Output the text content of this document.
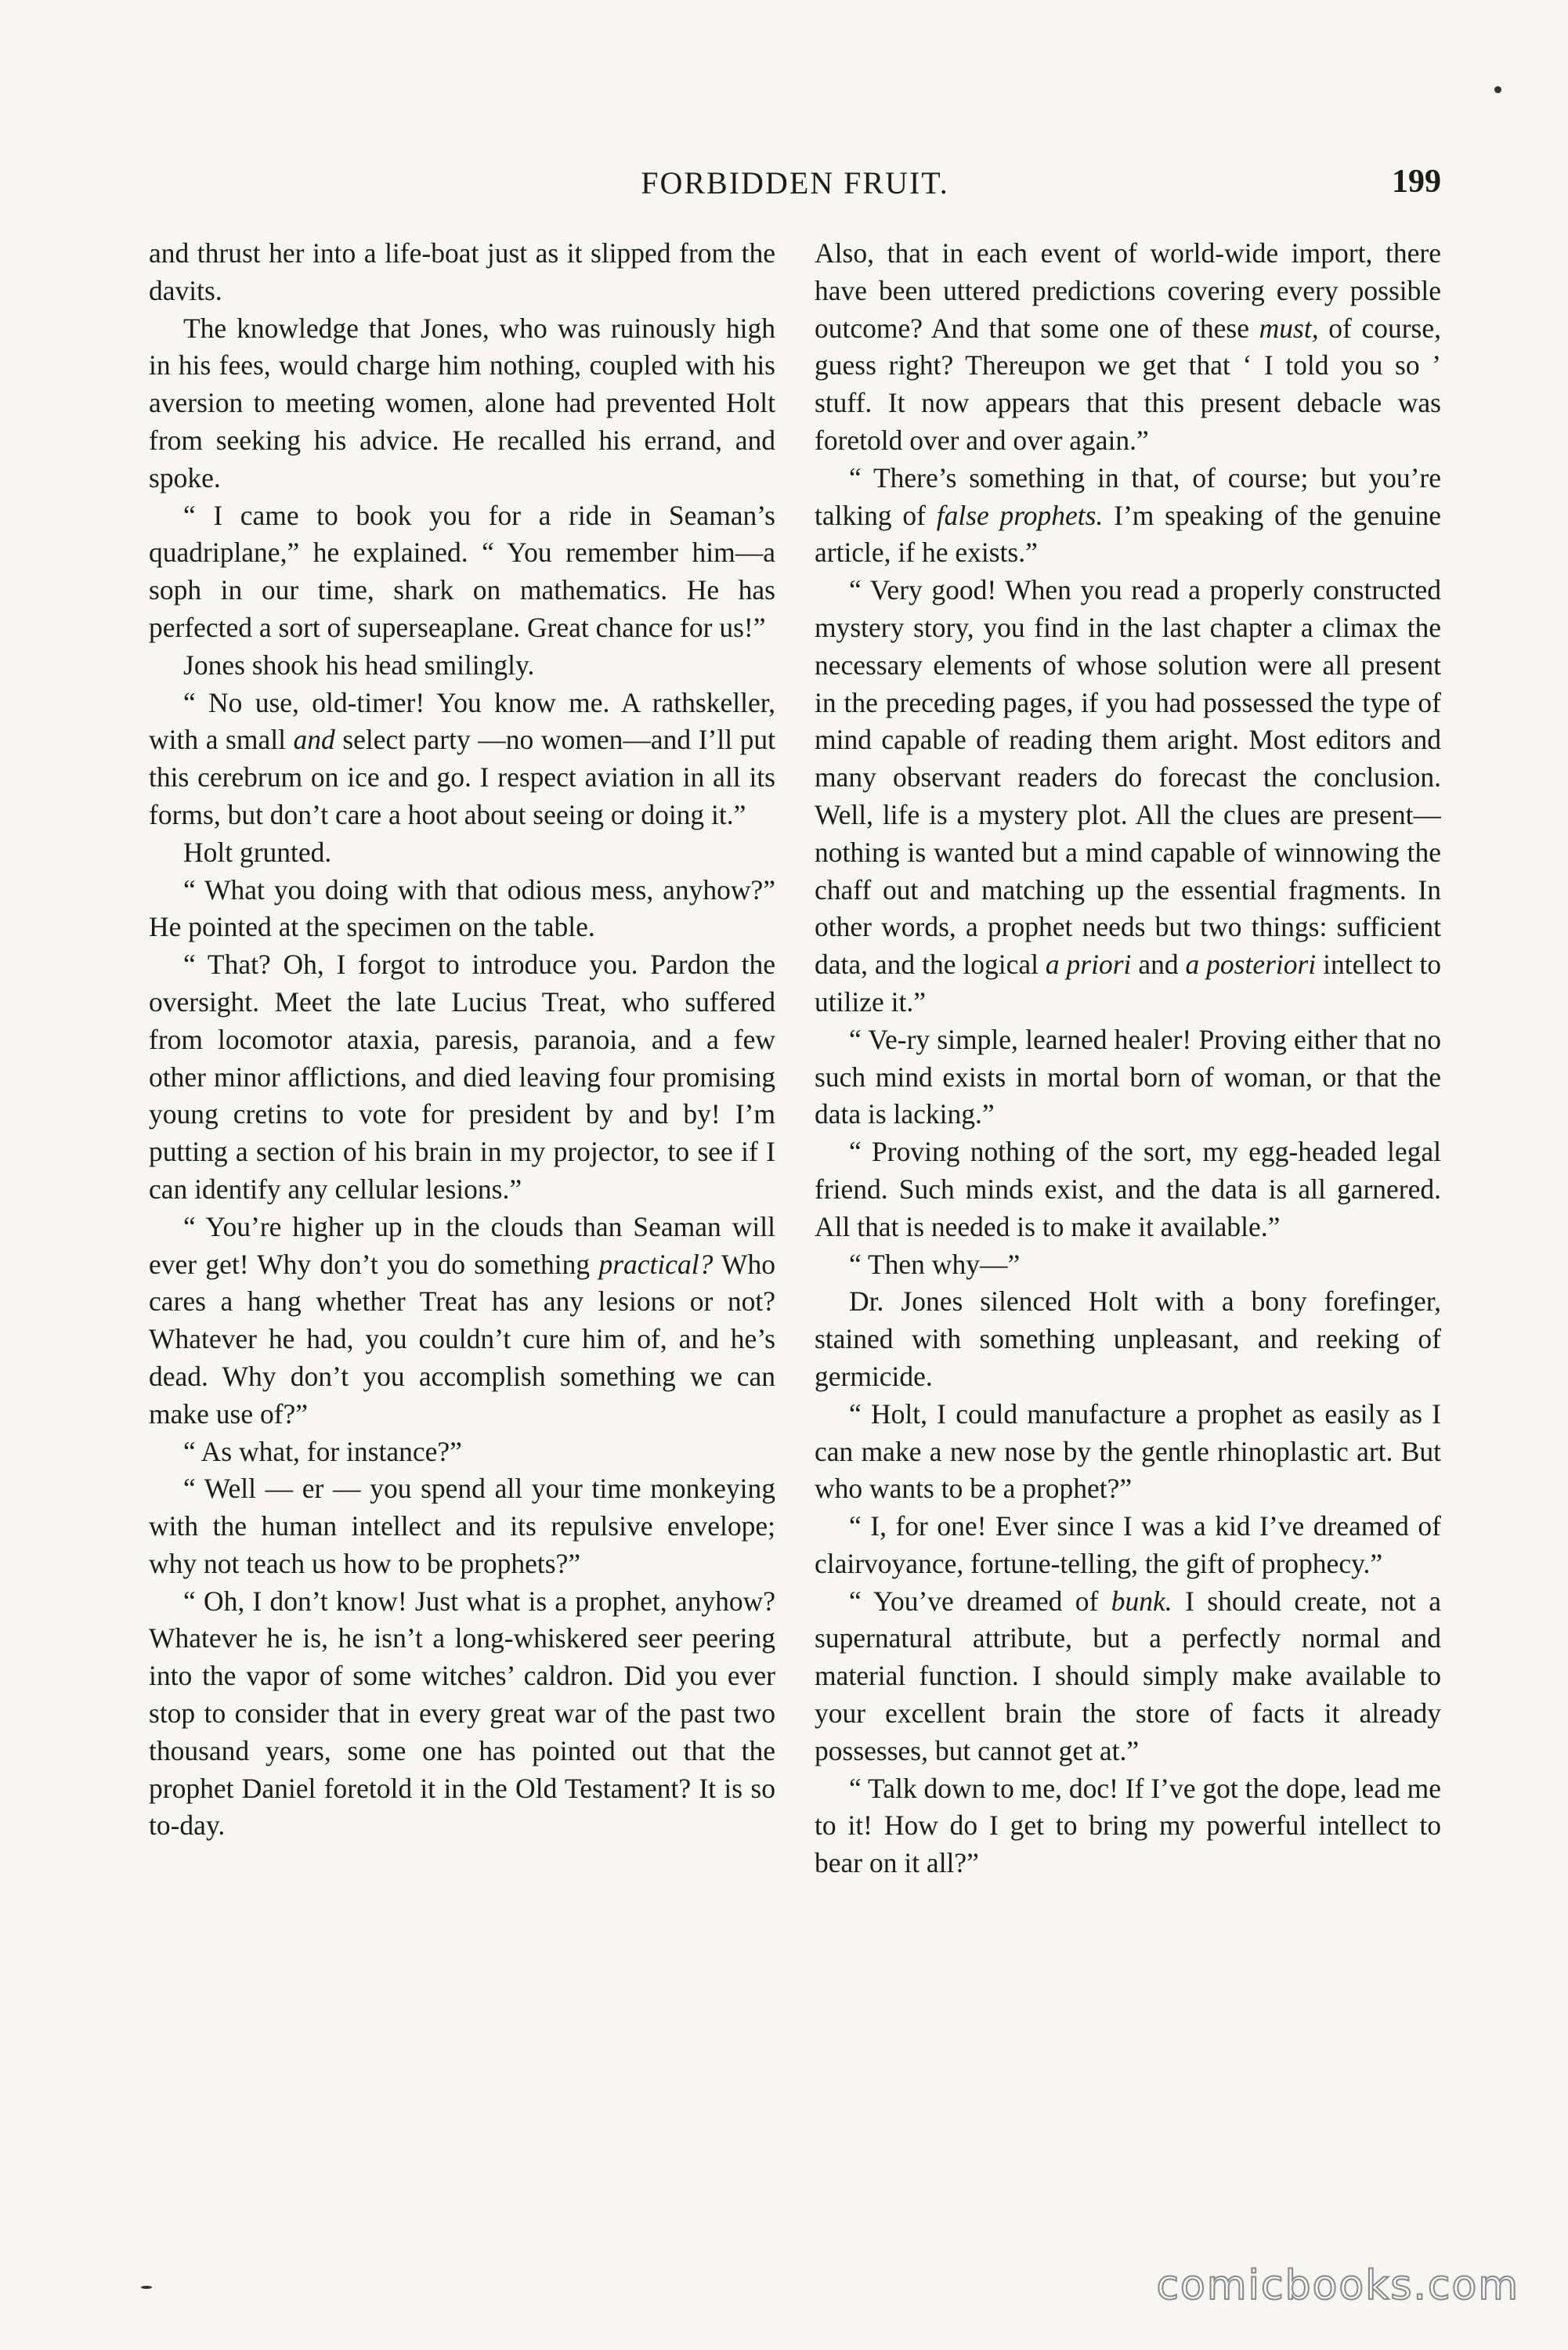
FORBIDDEN FRUIT.	199

and thrust her into a life-boat just as it slipped from the davits.

The knowledge that Jones, who was ruinously high in his fees, would charge him nothing, coupled with his aversion to meeting women, alone had prevented Holt from seeking his advice. He recalled his errand, and spoke.

“ I came to book you for a ride in Seaman’s quadriplane,” he explained. “ You remember him—a soph in our time, shark on mathematics. He has perfected a sort of superseaplane. Great chance for us!”

Jones shook his head smilingly.

“ No use, old-timer! You know me. A rathskeller, with a small and select party —no women—and I’ll put this cerebrum on ice and go. I respect aviation in all its forms, but don’t care a hoot about seeing or doing it.”

Holt grunted.

“ What you doing with that odious mess, anyhow?” He pointed at the specimen on the table.

“ That? Oh, I forgot to introduce you. Pardon the oversight. Meet the late Lucius Treat, who suffered from locomotor ataxia, paresis, paranoia, and a few other minor afflictions, and died leaving four promising young cretins to vote for president by and by! I’m putting a section of his brain in my projector, to see if I can identify any cellular lesions.”

“ You’re higher up in the clouds than Seaman will ever get! Why don’t you do something practical? Who cares a hang whether Treat has any lesions or not? Whatever he had, you couldn’t cure him of, and he’s dead. Why don’t you accomplish something we can make use of?”

“ As what, for instance?”

“ Well — er — you spend all your time monkeying with the human intellect and its repulsive envelope; why not teach us how to be prophets?”

“ Oh, I don’t know! Just what is a prophet, anyhow? Whatever he is, he isn’t a long-whiskered seer peering into the vapor of some witches’ caldron. Did you ever stop to consider that in every great war of the past two thousand years, some one has pointed out that the prophet Daniel foretold it in the Old Testament? It is so to-day.

Also, that in each event of world-wide import, there have been uttered predictions covering every possible outcome? And that some one of these must, of course, guess right? Thereupon we get that ‘ I told you so ’ stuff. It now appears that this present debacle was foretold over and over again.”

“ There’s something in that, of course; but you’re talking of false prophets. I’m speaking of the genuine article, if he exists.”

“ Very good! When you read a properly constructed mystery story, you find in the last chapter a climax the necessary elements of whose solution were all present in the preceding pages, if you had possessed the type of mind capable of reading them aright. Most editors and many observant readers do forecast the conclusion. Well, life is a mystery plot. All the clues are present—nothing is wanted but a mind capable of winnowing the chaff out and matching up the essential fragments. In other words, a prophet needs but two things: sufficient data, and the logical a priori and a posteriori intellect to utilize it.”

“ Ve-ry simple, learned healer! Proving either that no such mind exists in mortal born of woman, or that the data is lacking.”

“ Proving nothing of the sort, my egg-headed legal friend. Such minds exist, and the data is all garnered. All that is needed is to make it available.”

“ Then why—”

Dr. Jones silenced Holt with a bony forefinger, stained with something unpleasant, and reeking of germicide.

“ Holt, I could manufacture a prophet as easily as I can make a new nose by the gentle rhinoplastic art. But who wants to be a prophet?”

“ I, for one! Ever since I was a kid I’ve dreamed of clairvoyance, fortune-telling, the gift of prophecy.”

“ You’ve dreamed of bunk. I should create, not a supernatural attribute, but a perfectly normal and material function. I should simply make available to your excellent brain the store of facts it already possesses, but cannot get at.”

“ Talk down to me, doc! If I’ve got the dope, lead me to it! How do I get to bring my powerful intellect to bear on it all?”

comicbooks.com
